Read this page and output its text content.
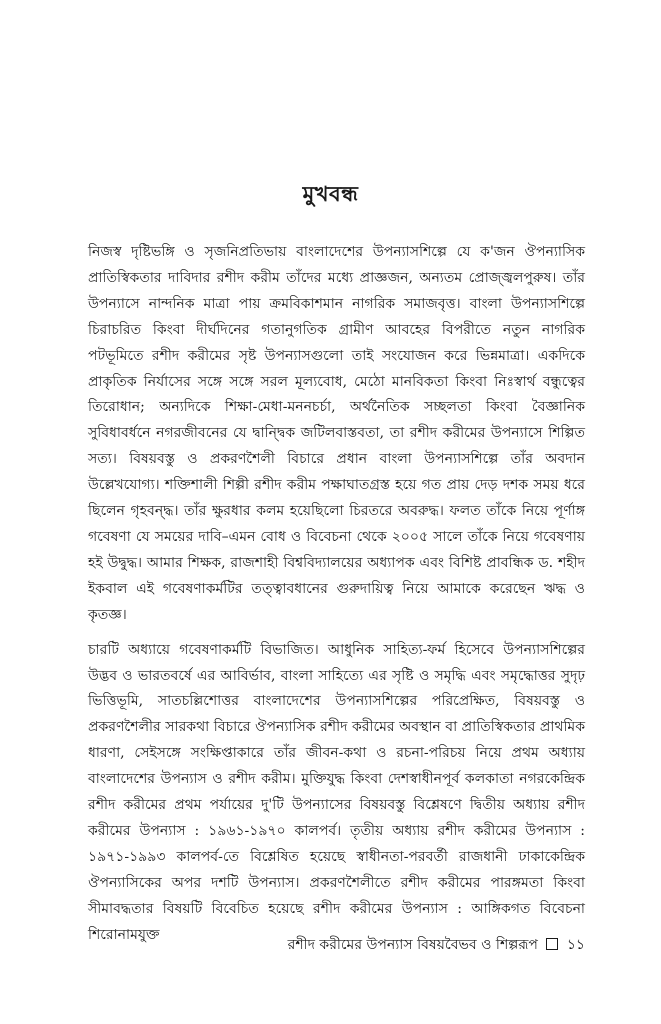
মুখবন্ধ

নিজস্ব দৃষ্টিভঙ্গি ও সৃজনিপ্রতিভায় বাংলাদেশের উপন্যাসশিল্পে যে ক'জন ঔপন্যাসিক প্রাতিস্বিকতার দাবিদার রশীদ করীম তাঁদের মধ্যে প্রাজ্ঞজন, অন্যতম প্রোজ্জ্বলপুরুষ। তাঁর উপন্যাসে নান্দনিক মাত্রা পায় ক্রমবিকাশমান নাগরিক সমাজবৃত্ত। বাংলা উপন্যাসশিল্পে চিরাচরিত কিংবা দীর্ঘদিনের গতানুগতিক গ্রামীণ আবহের বিপরীতে নতুন নাগরিক পটভূমিতে রশীদ করীমের সৃষ্ট উপন্যাসগুলো তাই সংযোজন করে ভিন্নমাত্রা। একদিকে প্রাকৃতিক নির্যাসের সঙ্গে সঙ্গে সরল মূল্যবোধ, মেঠো মানবিকতা কিংবা নিঃস্বার্থ বন্ধুত্বের তিরোধান; অন্যদিকে শিক্ষা-মেধা-মননচর্চা, অর্থনৈতিক সচ্ছলতা কিংবা বৈজ্ঞানিক সুবিধাবর্ধনে নগরজীবনের যে দ্বান্দ্বিক জটিলবাস্তবতা, তা রশীদ করীমের উপন্যাসে শিল্পিত সত্য। বিষয়বস্তু ও প্রকরণশৈলী বিচারে প্রধান বাংলা উপন্যাসশিল্পে তাঁর অবদান উল্লেখযোগ্য। শক্তিশালী শিল্পী রশীদ করীম পক্ষাঘাতগ্রস্ত হয়ে গত প্রায় দেড় দশক সময় ধরে ছিলেন গৃহবন্দ্ধ। তাঁর ক্ষুরধার কলম হয়েছিলো চিরতরে অবরুদ্ধ। ফলত তাঁকে নিয়ে পূর্ণাঙ্গ গবেষণা যে সময়ের দাবি–এমন বোধ ও বিবেচনা থেকে ২০০৫ সালে তাঁকে নিয়ে গবেষণায় হই উদ্বুদ্ধ। আমার শিক্ষক, রাজশাহী বিশ্ববিদ্যালয়ের অধ্যাপক এবং বিশিষ্ট প্রাবন্ধিক ড. শহীদ ইকবাল এই গবেষণাকর্মটির তত্ত্বাবধানের গুরুদায়িত্ব নিয়ে আমাকে করেছেন ঋদ্ধ ও কৃতজ্ঞ।

চারটি অধ্যায়ে গবেষণাকর্মটি বিভাজিত। আধুনিক সাহিত্য-ফর্ম হিসেবে উপন্যাসশিল্পের উদ্ভব ও ভারতবর্ষে এর আবির্ভাব, বাংলা সাহিত্যে এর সৃষ্টি ও সমৃদ্ধি এবং সমৃদ্ধোত্তর সুদৃঢ় ভিত্তিভূমি, সাতচল্লিশোত্তর বাংলাদেশের উপন্যাসশিল্পের পরিপ্রেক্ষিত, বিষয়বস্তু ও প্রকরণশৈলীর সারকথা বিচারে ঔপন্যাসিক রশীদ করীমের অবস্থান বা প্রাতিস্বিকতার প্রাথমিক ধারণা, সেইসঙ্গে সংক্ষিপ্তাকারে তাঁর জীবন-কথা ও রচনা-পরিচয় নিয়ে প্রথম অধ্যায় বাংলাদেশের উপন্যাস ও রশীদ করীম। মুক্তিযুদ্ধ কিংবা দেশস্বাধীনপূর্ব কলকাতা নগরকেন্দ্রিক রশীদ করীমের প্রথম পর্যায়ের দু'টি উপন্যাসের বিষয়বস্তু বিশ্লেষণে দ্বিতীয় অধ্যায় রশীদ করীমের উপন্যাস : ১৯৬১-১৯৭০ কালপর্ব। তৃতীয় অধ্যায় রশীদ করীমের উপন্যাস : ১৯৭১-১৯৯৩ কালপর্ব-তে বিশ্লেষিত হয়েছে স্বাধীনতা-পরবর্তী রাজধানী ঢাকাকেন্দ্রিক ঔপন্যাসিকের অপর দশটি উপন্যাস। প্রকরণশৈলীতে রশীদ করীমের পারঙ্গমতা কিংবা সীমাবদ্ধতার বিষয়টি বিবেচিত হয়েছে রশীদ করীমের উপন্যাস : আঙ্গিকগত বিবেচনা শিরোনামযুক্ত

রশীদ করীমের উপন্যাস বিষয়বৈভব ও শিল্পরূপ ১১
